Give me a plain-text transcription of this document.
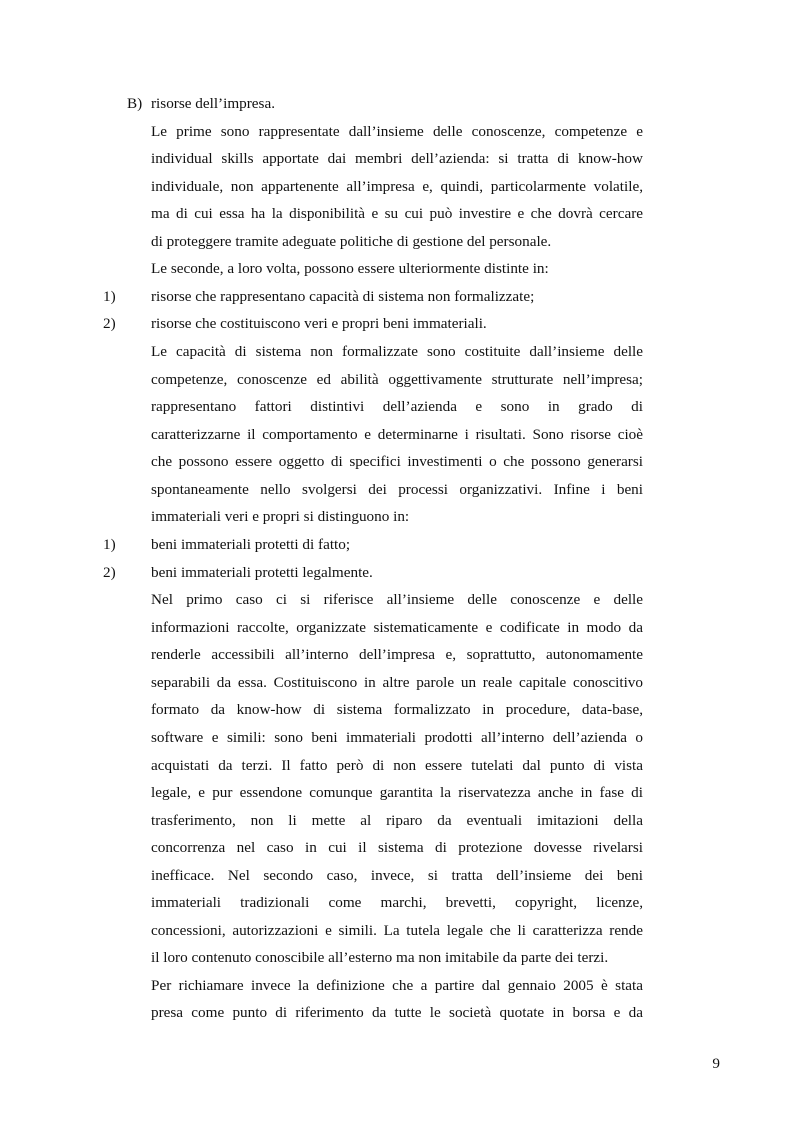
B) risorse dell’impresa.
Le prime sono rappresentate dall’insieme delle conoscenze, competenze e
individual skills apportate dai membri dell’azienda: si tratta di know-how
individuale, non appartenente all’impresa e, quindi, particolarmente volatile,
ma di cui essa ha la disponibilità e su cui può investire e che dovrà cercare
di proteggere tramite adeguate politiche di gestione del personale.
Le seconde, a loro volta, possono essere ulteriormente distinte in:
1) risorse che rappresentano capacità di sistema non formalizzate;
2) risorse che costituiscono veri e propri beni immateriali.
Le capacità di sistema non formalizzate sono costituite dall’insieme delle
competenze, conoscenze ed abilità oggettivamente strutturate nell’impresa;
rappresentano fattori distintivi dell’azienda e sono in grado di
caratterizzarne il comportamento e determinarne i risultati. Sono risorse cioè
che possono essere oggetto di specifici investimenti o che possono generarsi
spontaneamente nello svolgersi dei processi organizzativi. Infine i beni
immateriali veri e propri si distinguono in:
1) beni immateriali protetti di fatto;
2) beni immateriali protetti legalmente.
Nel primo caso ci si riferisce all’insieme delle conoscenze e delle
informazioni raccolte, organizzate sistematicamente e codificate in modo da
renderle accessibili all’interno dell’impresa e, soprattutto, autonomamente
separabili da essa. Costituiscono in altre parole un reale capitale conoscitivo
formato da know-how di sistema formalizzato in procedure, data-base,
software e simili: sono beni immateriali prodotti all’interno dell’azienda o
acquistati da terzi. Il fatto però di non essere tutelati dal punto di vista
legale, e pur essendone comunque garantita la riservatezza anche in fase di
trasferimento, non li mette al riparo da eventuali imitazioni della
concorrenza nel caso in cui il sistema di protezione dovesse rivelarsi
inefficace. Nel secondo caso, invece, si tratta dell’insieme dei beni
immateriali tradizionali come marchi, brevetti, copyright, licenze,
concessioni, autorizzazioni e simili. La tutela legale che li caratterizza rende
il loro contenuto conoscibile all’esterno ma non imitabile da parte dei terzi.
Per richiamare invece la definizione che a partire dal gennaio 2005 è stata
presa come punto di riferimento da tutte le società quotate in borsa e da
9
